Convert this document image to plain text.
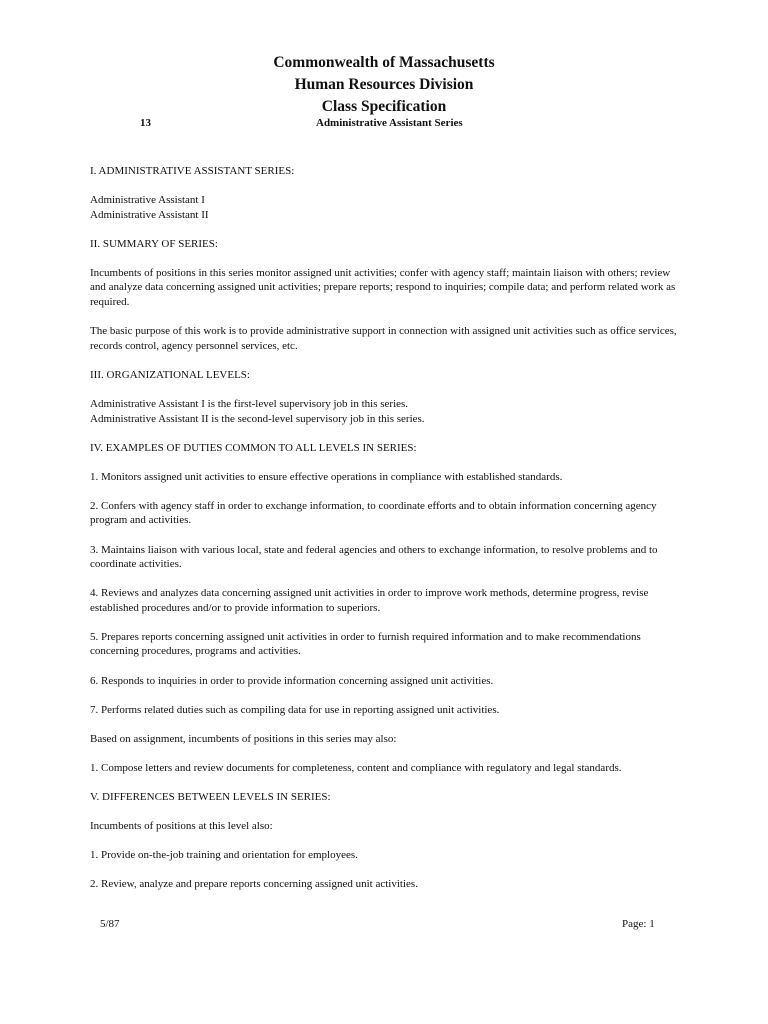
Commonwealth of Massachusetts

Human Resources Division

Class Specification

13	Administrative Assistant Series

I. ADMINISTRATIVE ASSISTANT SERIES:

Administrative Assistant I

Administrative Assistant II

II. SUMMARY OF SERIES:

Incumbents of positions in this series monitor assigned unit activities; confer with agency staff; maintain liaison with others; review and analyze data concerning assigned unit activities; prepare reports; respond to inquiries; compile data; and perform related work as required.

The basic purpose of this work is to provide administrative support in connection with assigned unit activities such as office services, records control, agency personnel services, etc.

III. ORGANIZATIONAL LEVELS:

Administrative Assistant I is the first-level supervisory job in this series.

Administrative Assistant II is the second-level supervisory job in this series.

IV. EXAMPLES OF DUTIES COMMON TO ALL LEVELS IN SERIES:

1. Monitors assigned unit activities to ensure effective operations in compliance with established standards.

2. Confers with agency staff in order to exchange information, to coordinate efforts and to obtain information concerning agency program and activities.

3. Maintains liaison with various local, state and federal agencies and others to exchange information, to resolve problems and to coordinate activities.

4. Reviews and analyzes data concerning assigned unit activities in order to improve work methods, determine progress, revise established procedures and/or to provide information to superiors.

5. Prepares reports concerning assigned unit activities in order to furnish required information and to make recommendations concerning procedures, programs and activities.

6. Responds to inquiries in order to provide information concerning assigned unit activities.

7. Performs related duties such as compiling data for use in reporting assigned unit activities.

Based on assignment, incumbents of positions in this series may also:

1. Compose letters and review documents for completeness, content and compliance with regulatory and legal standards.

V. DIFFERENCES BETWEEN LEVELS IN SERIES:

Incumbents of positions at this level also:

1. Provide on-the-job training and orientation for employees.

2. Review, analyze and prepare reports concerning assigned unit activities.

5/87	Page: 1
